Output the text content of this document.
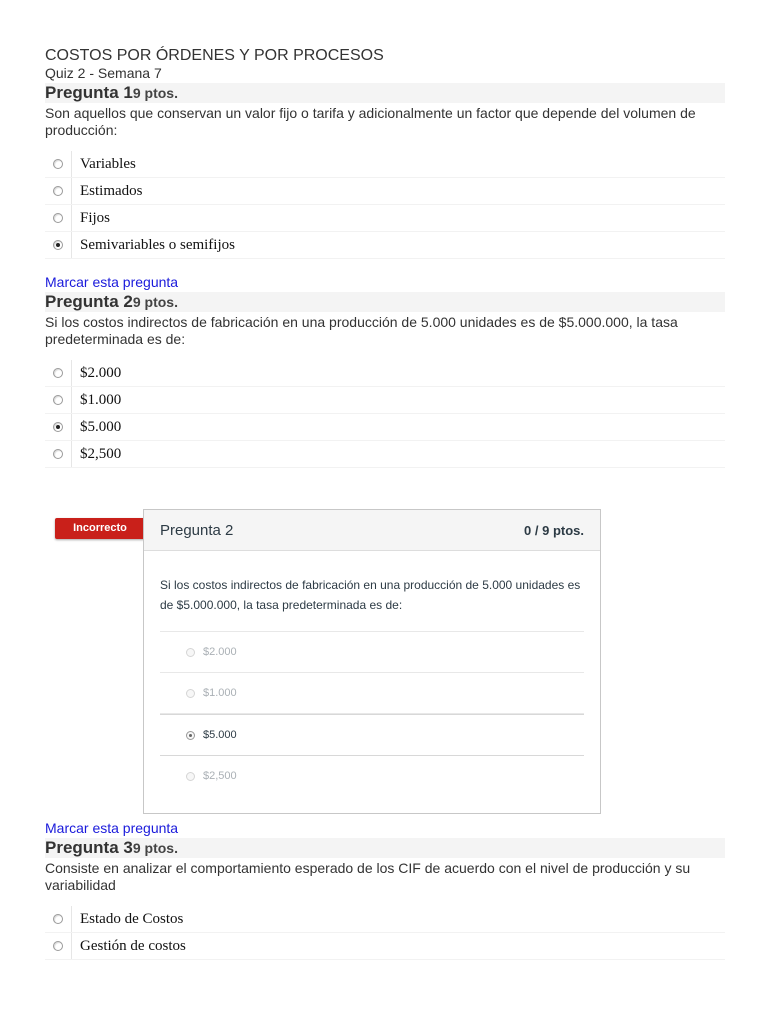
COSTOS POR ÓRDENES Y POR PROCESOS
Quiz 2 - Semana 7
Pregunta 19 ptos.
Son aquellos que conservan un valor fijo o tarifa y adicionalmente un factor que depende del volumen de producción:
Variables
Estimados
Fijos
Semivariables o semifijos
Marcar esta pregunta
Pregunta 29 ptos.
Si los costos indirectos de fabricación en una producción de 5.000 unidades es de $5.000.000, la tasa predeterminada es de:
$2.000
$1.000
$5.000
$2,500
Marcar esta pregunta
Pregunta 39 ptos.
Consiste en analizar el comportamiento esperado de los CIF de acuerdo con el nivel de producción y su variabilidad
Estado de Costos
Gestión de costos
Incorrecto	Pregunta 2	0 / 9 ptos.
Si los costos indirectos de fabricación en una producción de 5.000 unidades es de $5.000.000, la tasa predeterminada es de:
$2.000
$1.000
$5.000
$2,500
